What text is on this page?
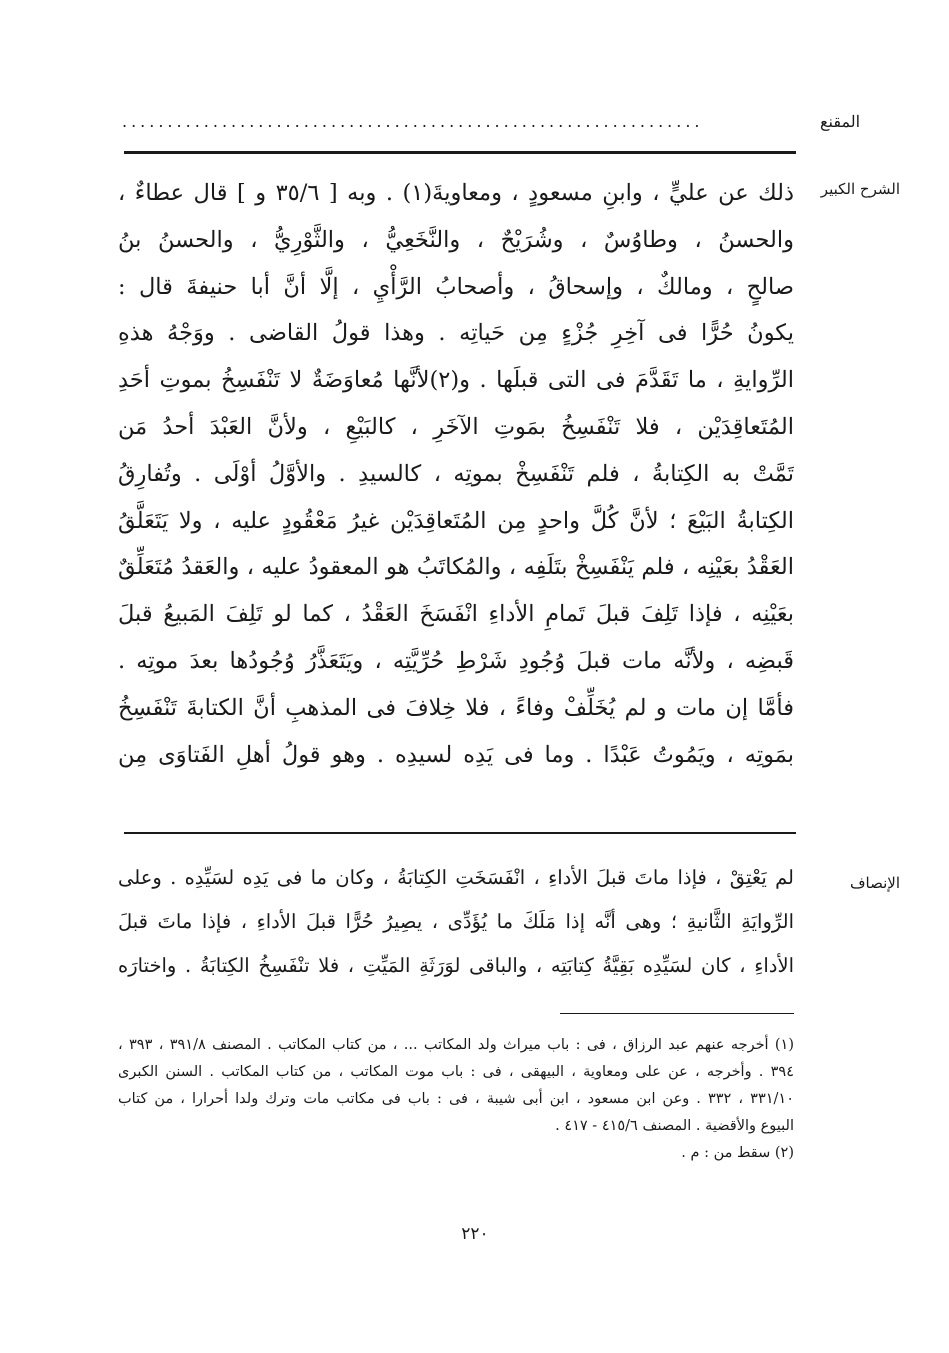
المقنع
................................................................
الشرح الكبير
ذلك عن عليٍّ ، وابنِ مسعودٍ ، ومعاويةَ(١) . وبه [ ٣٥/٦ و ] قال عطاءٌ ،
والحسنُ ، وطاوُسٌ ، وشُرَيْحٌ ، والنَّخَعِيُّ ، والثَّوْرِيُّ ، والحسنُ بنُ
صالحٍ ، ومالكٌ ، وإسحاقُ ، وأصحابُ الرَّأْيِ ، إلَّا أنَّ أبا حنيفةَ قال :
يكونُ حُرًّا فى آخِرِ جُزْءٍ مِن حَياتِه . وهذا قولُ القاضى . ووَجْهُ هذهِ
الرِّوايةِ ، ما تَقَدَّمَ فى التى قبلَها . و(٢)لأنَّها مُعاوَضَةٌ لا تَنْفَسِخُ بموتِ أحَدِ
المُتَعاقِدَيْن ، فلا تَنْفَسِخُ بمَوتِ الآخَرِ ، كالبَيْعِ ، ولأنَّ العَبْدَ أحدُ مَن
تَمَّتْ به الكِتابةُ ، فلم تَنْفَسِخْ بموتِه ، كالسيدِ . والأوَّلُ أوْلَى . وتُفارِقُ
الكِتابةُ البَيْعَ ؛ لأنَّ كُلَّ واحدٍ مِن المُتَعاقِدَيْن غيرُ مَعْقُودٍ عليه ، ولا يَتَعَلَّقُ
العَقْدُ بعَيْنِه ، فلم يَنْفَسِخْ بتَلَفِه ، والمُكاتَبُ هو المعقودُ عليه ، والعَقدُ مُتَعَلِّقٌ
بعَيْنِه ، فإذا تَلِفَ قبلَ تَمامِ الأداءِ انْفَسَخَ العَقْدُ ، كما لو تَلِفَ المَبيعُ قبلَ
قَبضِه ، ولأنَّه مات قبلَ وُجُودِ شَرْطِ حُرِّيَّتِه ، ويَتَعَذَّرُ وُجُودُها بعدَ موتِه .
فأمَّا إن مات و لم يُخَلِّفْ وفاءً ، فلا خِلافَ فى المذهبِ أنَّ الكتابةَ تَنْفَسِخُ
بمَوتِه ، ويَمُوتُ عَبْدًا . وما فى يَدِه لسيدِه . وهو قولُ أهلِ الفَتاوَى مِن
الإنصاف
لم يَعْتِقْ ، فإذا ماتَ قبلَ الأداءِ ، انْفَسَخَتِ الكِتابَةُ ، وكان ما فى يَدِه لسَيِّدِه . وعلى
الرِّوايَةِ الثَّانيةِ ؛ وهى أنَّه إذا مَلَكَ ما يُؤَدِّى ، يصِيرُ حُرًّا قبلَ الأداءِ ، فإذا ماتَ قبلَ
الأداءِ ، كان لسَيِّدِه بَقِيَّةُ كِتابَتِه ، والباقى لوَرَثَةِ المَيِّتِ ، فلا تنْفَسِخُ الكِتابَةُ . واختارَه
(١) أخرجه عنهم عبد الرزاق ، فى : باب ميراث ولد المكاتب ... ، من كتاب المكاتب . المصنف ٣٩١/٨ ، ٣٩٣ ،
٣٩٤ . وأخرجه ، عن على ومعاوية ، البيهقى ، فى : باب موت المكاتب ، من كتاب المكاتب . السنن الكبرى
٣٣١/١٠ ، ٣٣٢ . وعن ابن مسعود ، ابن أبى شيبة ، فى : باب فى مكاتب مات وترك ولدا أحرارا ، من كتاب
البيوع والأقضية . المصنف ٤١٥/٦ - ٤١٧ .
(٢) سقط من : م .
٢٢٠
